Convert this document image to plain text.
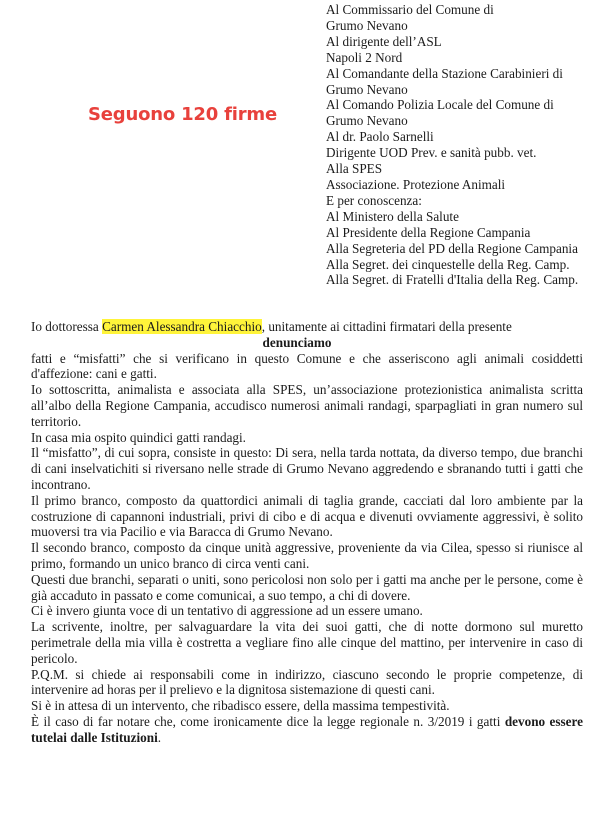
Seguono 120 firme
Al Commissario del Comune di
Grumo Nevano
Al dirigente dell’ASL
Napoli 2 Nord
Al Comandante della Stazione Carabinieri di
Grumo Nevano
Al Comando Polizia Locale del Comune di
Grumo Nevano
Al dr. Paolo Sarnelli
Dirigente UOD Prev. e sanità pubb. vet.
Alla SPES
Associazione. Protezione Animali
E per conoscenza:
Al Ministero della Salute
Al Presidente della Regione Campania
Alla Segreteria del PD della Regione Campania
Alla Segret. dei cinquestelle della Reg. Camp.
Alla Segret. di Fratelli d'Italia della Reg. Camp.

Io dottoressa Carmen Alessandra Chiacchio, unitamente ai cittadini firmatari della presente

denunciamo

fatti e “misfatti” che si verificano in questo Comune e che asseriscono agli animali cosiddetti d'affezione: cani e gatti.

Io sottoscritta, animalista e associata alla SPES, un’associazione protezionistica animalista scritta all’albo della Regione Campania, accudisco numerosi animali randagi, sparpagliati in gran numero sul territorio.

In casa mia ospito quindici gatti randagi.

Il “misfatto”, di cui sopra, consiste in questo: Di sera, nella tarda nottata, da diverso tempo, due branchi di cani inselvatichiti si riversano nelle strade di Grumo Nevano aggredendo e sbranando tutti i gatti che incontrano.

Il primo branco, composto da quattordici animali di taglia grande, cacciati dal loro ambiente par la costruzione di capannoni industriali, privi di cibo e di acqua e divenuti ovviamente aggressivi, è solito muoversi tra via Pacilio e via Baracca di Grumo Nevano.

Il secondo branco, composto da cinque unità aggressive, proveniente da via Cilea, spesso si riunisce al primo, formando un unico branco di circa venti cani.

Questi due branchi, separati o uniti, sono pericolosi non solo per i gatti ma anche per le persone, come è già accaduto in passato e come comunicai, a suo tempo, a chi di dovere.

Ci è invero giunta voce di un tentativo di aggressione ad un essere umano.

La scrivente, inoltre, per salvaguardare la vita dei suoi gatti, che di notte dormono sul muretto perimetrale della mia villa è costretta a vegliare fino alle cinque del mattino, per intervenire in caso di pericolo.

P.Q.M. si chiede ai responsabili come in indirizzo, ciascuno secondo le proprie competenze, di intervenire ad horas per il prelievo e la dignitosa sistemazione di questi cani.

Si è in attesa di un intervento, che ribadisco essere, della massima tempestività.

È il caso di far notare che, come ironicamente dice la legge regionale n. 3/2019 i gatti devono essere tutelai dalle Istituzioni.
